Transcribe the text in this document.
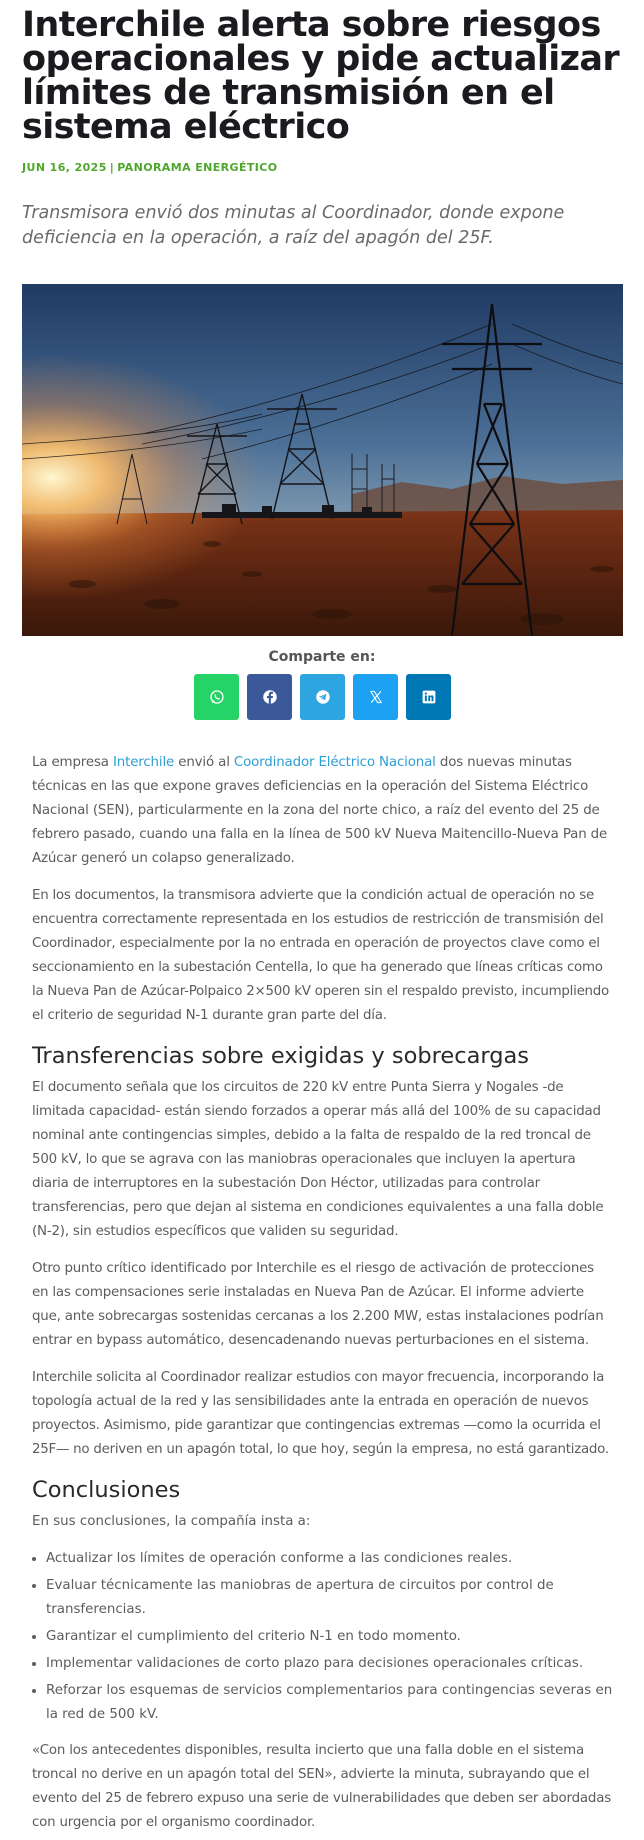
Interchile alerta sobre riesgos operacionales y pide actualizar límites de transmisión en el sistema eléctrico
JUN 16, 2025 | PANORAMA ENERGÉTICO

Transmisora envió dos minutas al Coordinador, donde expone deficiencia en la operación, a raíz del apagón del 25F.

Comparte en:

La empresa Interchile envió al Coordinador Eléctrico Nacional dos nuevas minutas técnicas en las que expone graves deficiencias en la operación del Sistema Eléctrico Nacional (SEN), particularmente en la zona del norte chico, a raíz del evento del 25 de febrero pasado, cuando una falla en la línea de 500 kV Nueva Maitencillo-Nueva Pan de Azúcar generó un colapso generalizado.

En los documentos, la transmisora advierte que la condición actual de operación no se encuentra correctamente representada en los estudios de restricción de transmisión del Coordinador, especialmente por la no entrada en operación de proyectos clave como el seccionamiento en la subestación Centella, lo que ha generado que líneas críticas como la Nueva Pan de Azúcar-Polpaico 2×500 kV operen sin el respaldo previsto, incumpliendo el criterio de seguridad N-1 durante gran parte del día.

Transferencias sobre exigidas y sobrecargas

El documento señala que los circuitos de 220 kV entre Punta Sierra y Nogales -de limitada capacidad- están siendo forzados a operar más allá del 100% de su capacidad nominal ante contingencias simples, debido a la falta de respaldo de la red troncal de 500 kV, lo que se agrava con las maniobras operacionales que incluyen la apertura diaria de interruptores en la subestación Don Héctor, utilizadas para controlar transferencias, pero que dejan al sistema en condiciones equivalentes a una falla doble (N-2), sin estudios específicos que validen su seguridad.

Otro punto crítico identificado por Interchile es el riesgo de activación de protecciones en las compensaciones serie instaladas en Nueva Pan de Azúcar. El informe advierte que, ante sobrecargas sostenidas cercanas a los 2.200 MW, estas instalaciones podrían entrar en bypass automático, desencadenando nuevas perturbaciones en el sistema.

Interchile solicita al Coordinador realizar estudios con mayor frecuencia, incorporando la topología actual de la red y las sensibilidades ante la entrada en operación de nuevos proyectos. Asimismo, pide garantizar que contingencias extremas —como la ocurrida el 25F— no deriven en un apagón total, lo que hoy, según la empresa, no está garantizado.

Conclusiones

En sus conclusiones, la compañía insta a:

• Actualizar los límites de operación conforme a las condiciones reales.
• Evaluar técnicamente las maniobras de apertura de circuitos por control de transferencias.
• Garantizar el cumplimiento del criterio N-1 en todo momento.
• Implementar validaciones de corto plazo para decisiones operacionales críticas.
• Reforzar los esquemas de servicios complementarios para contingencias severas en la red de 500 kV.

«Con los antecedentes disponibles, resulta incierto que una falla doble en el sistema troncal no derive en un apagón total del SEN», advierte la minuta, subrayando que el evento del 25 de febrero expuso una serie de vulnerabilidades que deben ser abordadas con urgencia por el organismo coordinador.
